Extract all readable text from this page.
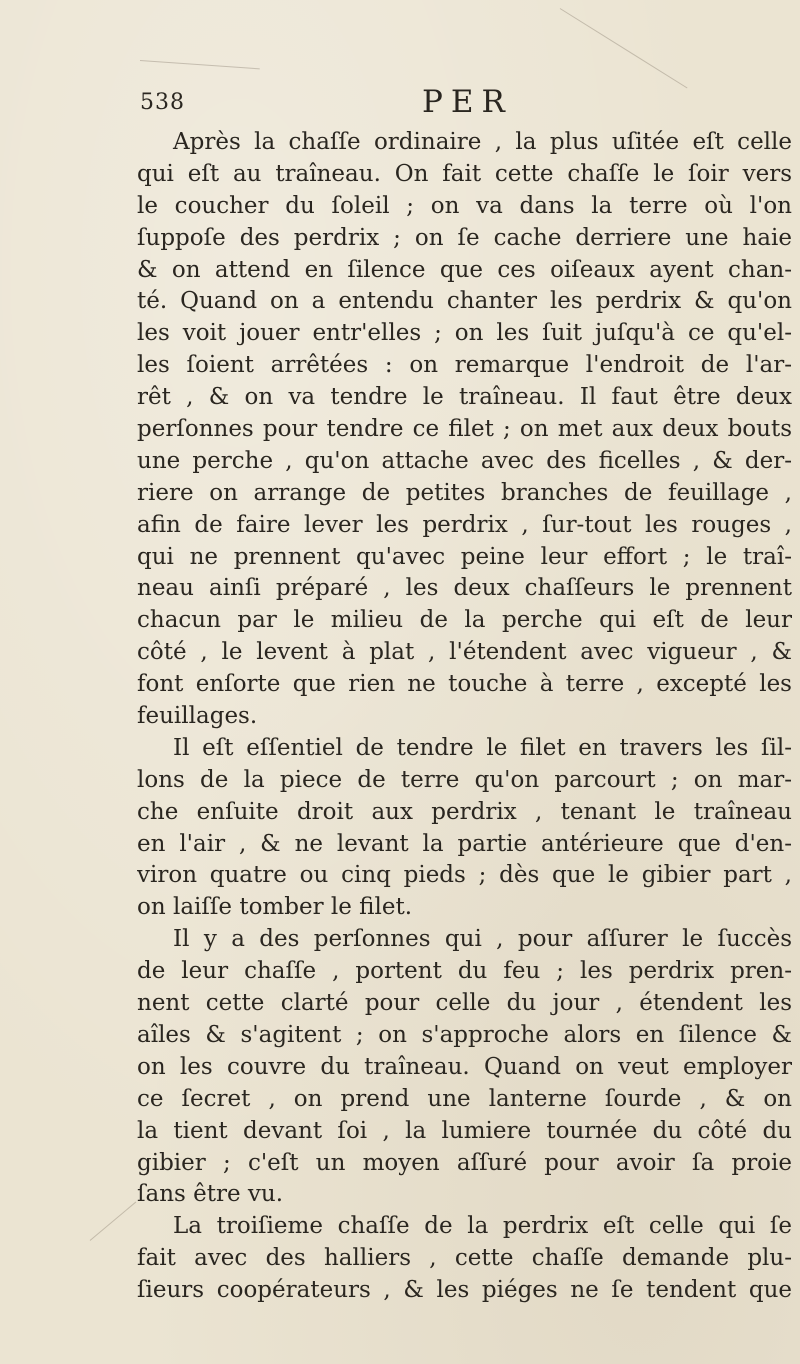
538	PER
Après la chaſſe ordinaire , la plus uſitée eſt celle
qui eſt au traîneau. On fait cette chaſſe le ſoir vers
le coucher du ſoleil ; on va dans la terre où l'on
ſuppoſe des perdrix ; on ſe cache derriere une haie
& on attend en ſilence que ces oiſeaux ayent chan-
té. Quand on a entendu chanter les perdrix & qu'on
les voit jouer entr'elles ; on les ſuit juſqu'à ce qu'el-
les ſoient arrêtées : on remarque l'endroit de l'ar-
rêt , & on va tendre le traîneau. Il faut être deux
perſonnes pour tendre ce filet ; on met aux deux bouts
une perche , qu'on attache avec des ficelles , & der-
riere on arrange de petites branches de feuillage ,
afin de faire lever les perdrix , ſur-tout les rouges ,
qui ne prennent qu'avec peine leur effort ; le traî-
neau ainſi préparé , les deux chaſſeurs le prennent
chacun par le milieu de la perche qui eſt de leur
côté , le levent à plat , l'étendent avec vigueur , &
font enſorte que rien ne touche à terre , excepté les
feuillages.
Il eſt eſſentiel de tendre le filet en travers les ſil-
lons de la piece de terre qu'on parcourt ; on mar-
che enſuite droit aux perdrix , tenant le traîneau
en l'air , & ne levant la partie antérieure que d'en-
viron quatre ou cinq pieds ; dès que le gibier part ,
on laiſſe tomber le filet.
Il y a des perſonnes qui , pour aſſurer le ſuccès
de leur chaſſe , portent du feu ; les perdrix pren-
nent cette clarté pour celle du jour , étendent les
aîles & s'agitent ; on s'approche alors en ſilence &
on les couvre du traîneau. Quand on veut employer
ce ſecret , on prend une lanterne ſourde , & on
la tient devant ſoi , la lumiere tournée du côté du
gibier ; c'eſt un moyen aſſuré pour avoir ſa proie
ſans être vu.
La troiſieme chaſſe de la perdrix eſt celle qui ſe
fait avec des halliers , cette chaſſe demande plu-
ſieurs coopérateurs , & les piéges ne ſe tendent que
